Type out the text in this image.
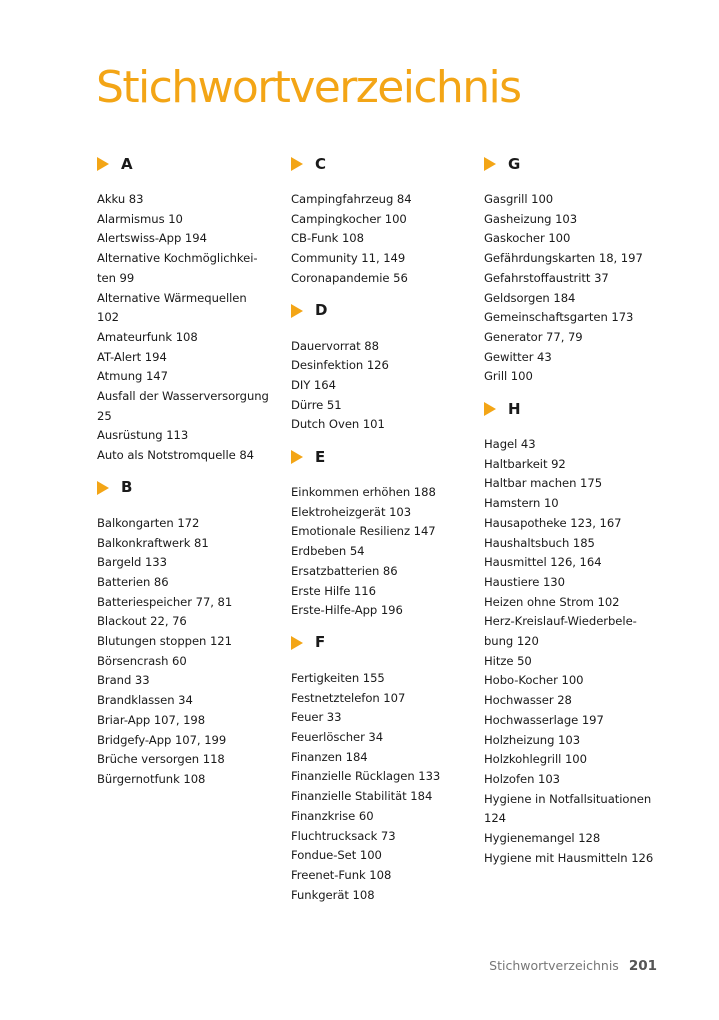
Stichwortverzeichnis
A
Akku 83
Alarmismus 10
Alertswiss-App 194
Alternative Kochmöglichkei-
ten 99
Alternative Wärmequellen
102
Amateurfunk 108
AT-Alert 194
Atmung 147
Ausfall der Wasserversorgung
25
Ausrüstung 113
Auto als Notstromquelle 84
B
Balkongarten 172
Balkonkraftwerk 81
Bargeld 133
Batterien 86
Batteriespeicher 77, 81
Blackout 22, 76
Blutungen stoppen 121
Börsencrash 60
Brand 33
Brandklassen 34
Briar-App 107, 198
Bridgefy-App 107, 199
Brüche versorgen 118
Bürgernotfunk 108
C
Campingfahrzeug 84
Campingkocher 100
CB-Funk 108
Community 11, 149
Coronapandemie 56
D
Dauervorrat 88
Desinfektion 126
DIY 164
Dürre 51
Dutch Oven 101
E
Einkommen erhöhen 188
Elektroheizgerät 103
Emotionale Resilienz 147
Erdbeben 54
Ersatzbatterien 86
Erste Hilfe 116
Erste-Hilfe-App 196
F
Fertigkeiten 155
Festnetztelefon 107
Feuer 33
Feuerlöscher 34
Finanzen 184
Finanzielle Rücklagen 133
Finanzielle Stabilität 184
Finanzkrise 60
Fluchtrucksack 73
Fondue-Set 100
Freenet-Funk 108
Funkgerät 108
G
Gasgrill 100
Gasheizung 103
Gaskocher 100
Gefährdungskarten 18, 197
Gefahrstoffaustritt 37
Geldsorgen 184
Gemeinschaftsgarten 173
Generator 77, 79
Gewitter 43
Grill 100
H
Hagel 43
Haltbarkeit 92
Haltbar machen 175
Hamstern 10
Hausapotheke 123, 167
Haushaltsbuch 185
Hausmittel 126, 164
Haustiere 130
Heizen ohne Strom 102
Herz-Kreislauf-Wiederbele-
bung 120
Hitze 50
Hobo-Kocher 100
Hochwasser 28
Hochwasserlage 197
Holzheizung 103
Holzkohlegrill 100
Holzofen 103
Hygiene in Notfallsituationen
124
Hygienemangel 128
Hygiene mit Hausmitteln 126
Stichwortverzeichnis 201
